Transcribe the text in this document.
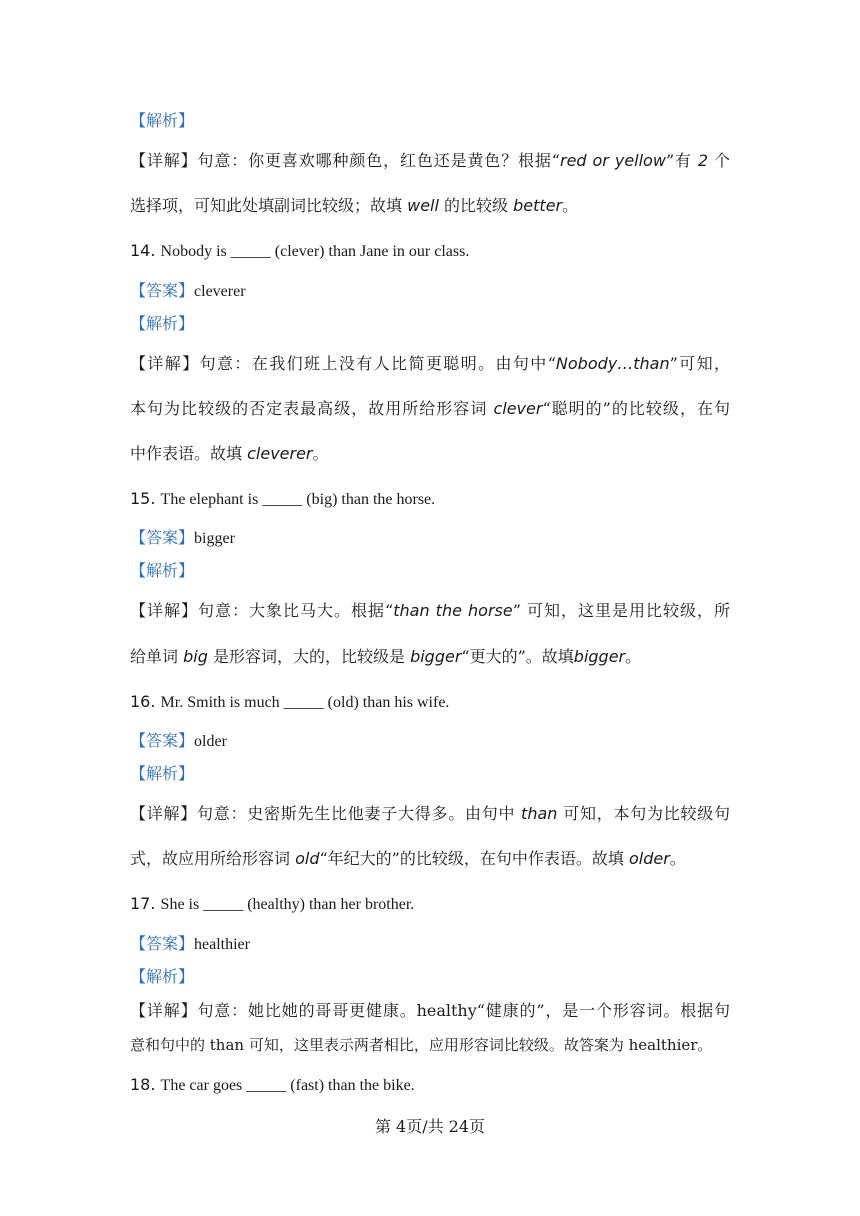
【解析】
【详解】句意：你更喜欢哪种颜色，红色还是黄色？根据“red or yellow”有 2 个
选择项，可知此处填副词比较级；故填 well 的比较级 better。
14. Nobody is _____ (clever) than Jane in our class.
【答案】cleverer
【解析】
【详解】句意：在我们班上没有人比简更聪明。由句中“Nobody…than”可知，
本句为比较级的否定表最高级，故用所给形容词 clever“聪明的”的比较级，在句
中作表语。故填 cleverer。
15. The elephant is _____ (big) than the horse.
【答案】bigger
【解析】
【详解】句意：大象比马大。根据“than the horse” 可知，这里是用比较级，所
给单词 big 是形容词，大的，比较级是 bigger“更大的”。故填bigger。
16. Mr. Smith is much _____ (old) than his wife.
【答案】older
【解析】
【详解】句意：史密斯先生比他妻子大得多。由句中 than 可知，本句为比较级句
式，故应用所给形容词 old“年纪大的”的比较级，在句中作表语。故填 older。
17. She is _____ (healthy) than her brother.
【答案】healthier
【解析】
【详解】句意：她比她的哥哥更健康。healthy“健康的”，是一个形容词。根据句
意和句中的 than 可知，这里表示两者相比，应用形容词比较级。故答案为 healthier。
18. The car goes _____ (fast) than the bike.
第 4页/共 24页
